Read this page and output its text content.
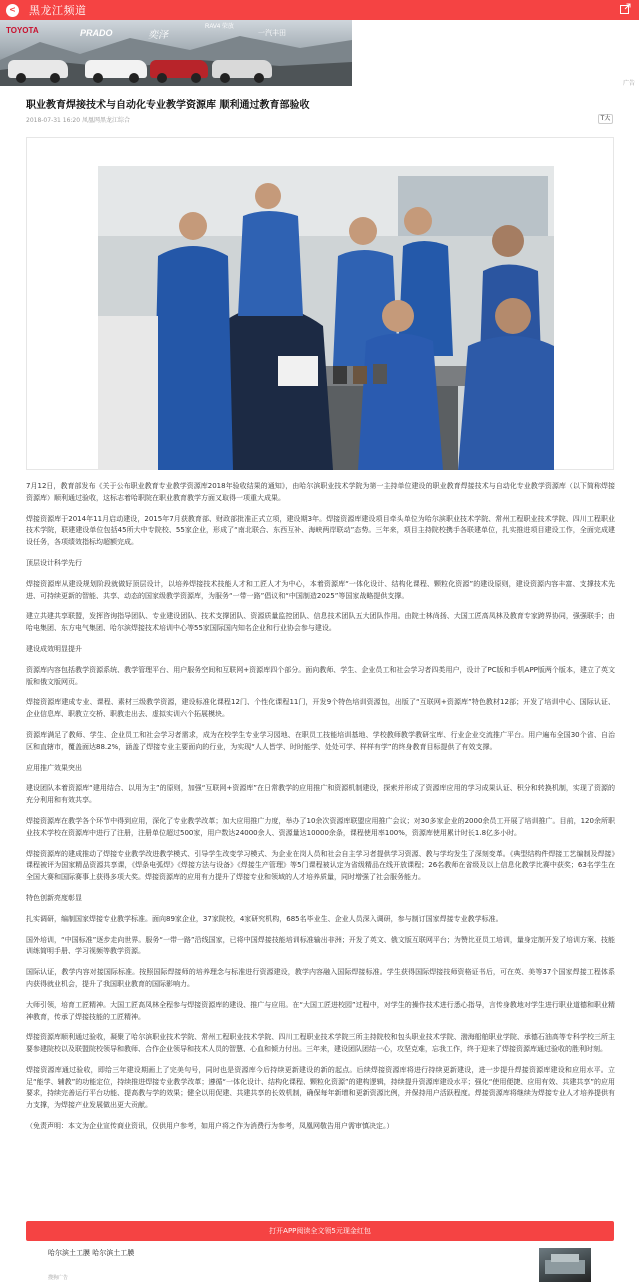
< 黑龙江频道
TOYOTA	PRADO	奕泽
RAV4 荣放
一汽丰田
广告
职业教育焊接技术与自动化专业教学资源库 顺利通过教育部验收
2018-07-31 16:20 凤凰网黑龙江综合	T大

7月12日，教育部发布《关于公布职业教育专业教学资源库2018年验收结果的通知》，由哈尔滨职业技术学院为第一主持单位建设的职业教育焊接技术与自动化专业教学资源库（以下简称焊接资源库）顺利通过验收，这标志着哈职院在职业教育教学方面又取得一项重大成果。

焊接资源库于2014年11月启动建设，2015年7月获教育部、财政部批准正式立项，建设期3年。焊接资源库建设项目牵头单位为哈尔滨职业技术学院、常州工程职业技术学院、四川工程职业技术学院，联建建设单位包括45所大中专院校、55家企业，形成了“南北联合、东西互补、海峡两岸联动”态势。三年来，项目主持院校携手各联建单位，扎实推进项目建设工作，全面完成建设任务，各项绩效指标均超额完成。

顶层设计科学先行

焊接资源库从建设规划阶段就做好顶层设计，以培养焊接技术技能人才和工匠人才为中心，本着资源库“一体化设计、结构化课程、颗粒化资源”的建设原则，建设资源内容丰富、支撑技术先进、可持续更新的智能、共享、动态的国家级教学资源库，为服务“一带一路”倡议和“中国制造2025”等国家战略提供支撑。

建立共建共享联盟，发挥咨询指导团队、专业建设团队、技术支撑团队、资源质量监控团队、信息技术团队五大团队作用。由院士林尚扬、大国工匠高凤林及教育专家跨界协同，强强联手；由哈电集团、东方电气集团、哈尔滨焊接技术培训中心等55家国际国内知名企业和行业协会参与建设。

建设成效明显提升

资源库内容包括教学资源系统、教学管理平台、用户服务空间和互联网+资源库四个部分。面向教师、学生、企业员工和社会学习者四类用户，设计了PC版和手机APP版两个版本，建立了英文版和俄文版网页。

焊接资源库建成专业、课程、素材三级教学资源，建设标准化课程12门、个性化课程11门，开发9个特色培训资源包，出版了“互联网+资源库”特色教材12部；开发了培训中心、国际认证、企业信息库、职教立交桥、职教走出去、虚拟实训六个拓展模块。

资源库满足了教师、学生、企业员工和社会学习者需求，成为在校学生专业学习园地、在职员工技能培训基地、学校教师教学教研宝库、行业企业交流推广平台。用户遍布全国30个省、自治区和直辖市，覆盖面达88.2%，涵盖了焊接专业主要面向的行业，为实现“人人皆学、时时能学、处处可学、样样有学”的终身教育目标提供了有效支撑。

应用推广效果突出

建设团队本着资源库“建用结合、以用为主”的原则，加强“互联网+资源库”在日常教学的应用推广和资源机制建设，探索并形成了资源库应用的学习成果认证、积分和转换机制，实现了资源的充分利用和有效共享。

焊接资源库在教学各个环节中得到应用，深化了专业教学改革；加大应用推广力度，举办了10余次资源库联盟应用推广会议；对30多家企业的2000余员工开展了培训推广。目前，120余所职业技术学校在资源库中进行了注册，注册单位超过500家，用户数达24000余人、资源量达10000余条，课程使用率100%，资源库使用累计时长1.8亿多小时。

焊接资源库的建成推动了焊接专业教学改进教学模式、引导学生改变学习模式、为企业在岗人员和社会自主学习者提供学习资源、教与学均发生了深刻变革。《典型结构件焊接工艺编制及焊接》课程被评为国家精品资源共享课，《焊条电弧焊》《焊接方法与设备》《焊接生产管理》等5门课程被认定为省级精品在线开放课程；26名教师在省级及以上信息化教学比赛中获奖；63名学生在全国大赛和国际赛事上获得多项大奖。焊接资源库的应用有力提升了焊接专业和领域的人才培养质量，同时增强了社会服务能力。

特色创新亮度彰显

扎实调研，编制国家焊接专业教学标准。面向89家企业，37家院校，4家研究机构，685名毕业生、企业人员深入调研，参与制订国家焊接专业教学标准。

国外培训，“中国标准”逐步走向世界。服务“一带一路”沿线国家，已将中国焊接技能培训标准输出非洲；开发了英文、俄文版互联网平台；为赞比亚员工培训，量身定制开发了培训方案、技能训练简明手册、学习视频等教学资源。

国际认证，教学内容对接国际标准。按照国际焊接师的培养理念与标准进行资源建设，教学内容融入国际焊接标准。学生获得国际焊接技师资格证书后，可在英、美等37个国家焊接工程体系内获得就业机会，提升了我国职业教育的国际影响力。

大师引领，培育工匠精神。大国工匠高凤林全程参与焊接资源库的建设、推广与应用。在“大国工匠进校园”过程中，对学生的操作技术进行悉心指导，言传身教地对学生进行职业道德和职业精神教育，传承了焊接技能的工匠精神。

焊接资源库顺利通过验收，凝聚了哈尔滨职业技术学院、常州工程职业技术学院、四川工程职业技术学院三所主持院校和包头职业技术学院、渤海船舶职业学院、承德石油高等专科学校三所主要参建院校以及联盟院校领导和教师、合作企业领导和技术人员的智慧、心血和倾力付出。三年来，建设团队团结一心，攻坚克难，忘我工作，终于迎来了焊接资源库通过验收的胜利时刻。

焊接资源库通过验收，即给三年建设期画上了完美句号，同时也是资源库今后持续更新建设的新的起点。后续焊接资源库将进行持续更新建设，进一步提升焊接资源库建设和应用水平。立足“能学、辅教”的功能定位，持续推进焊接专业教学改革；遵循“一体化设计、结构化课程、颗粒化资源”的建构逻辑，持续提升资源库建设水平；强化“使用便捷、应用有效、共建共享”的应用要求，持续完善运行平台功能、提高教与学的效果；健全以用促建、共建共享的长效机制，确保每年新增和更新资源比例，并保持用户活跃程度。焊接资源库将继续为焊接专业人才培养提供有力支撑，为焊接产业发展做出更大贡献。

（免责声明：本文为企业宣传商业资讯，仅供用户参考，如用户将之作为消费行为参考，凤凰网敬告用户需审慎决定。）

打开APP阅读全文领5元现金红包
哈尔滨土工膜 哈尔滨土工膜
搜狗广告
